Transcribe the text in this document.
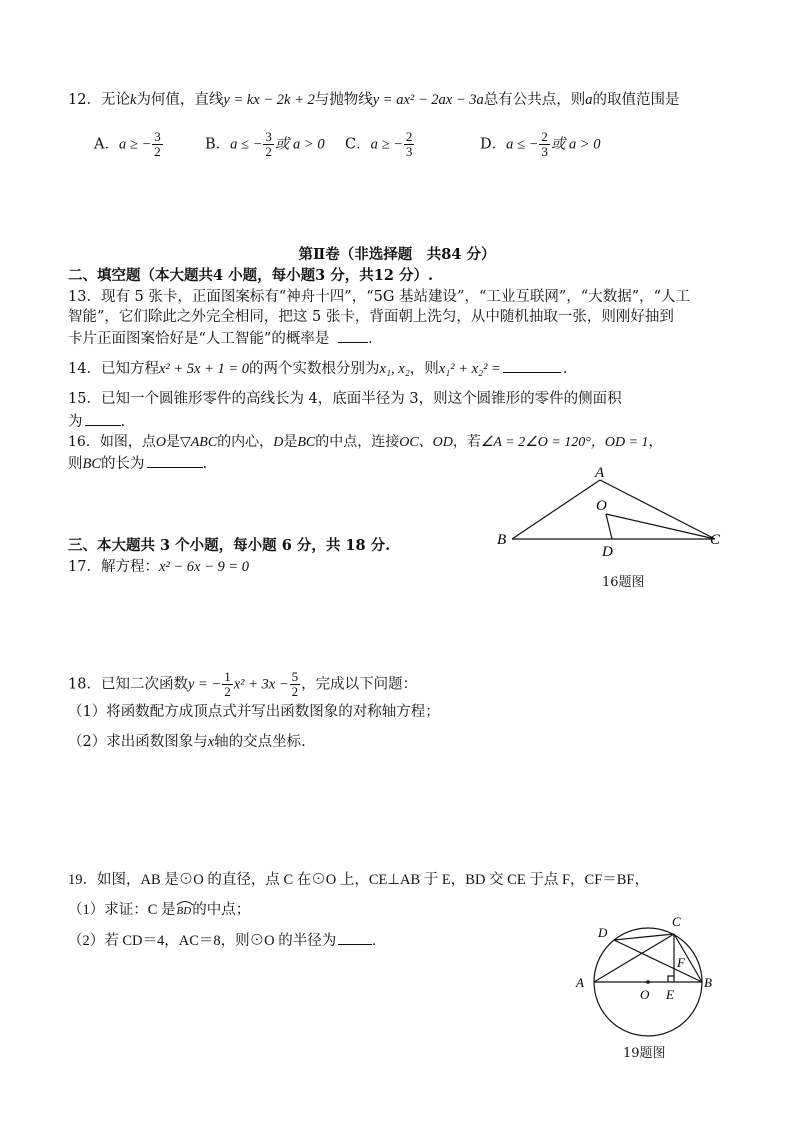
12．无论k为何值，直线y = kx − 2k + 2与抛物线y = ax² − 2ax − 3a总有公共点，则a的取值范围是
A．a ≥ − $\frac{3}{2}$	B．a ≤ − $\frac{3}{2}$ 或 a > 0 C．a ≥ − $\frac{2}{3}$	D．a ≤ − $\frac{2}{3}$ 或 a > 0
第Ⅱ卷（非选择题　共84 分）
二、填空题（本大题共4 小题，每小题3 分，共12 分）.
13．现有 5 张卡，正面图案标有“神舟十四”，“5G 基站建设”，“工业互联网”，“大数据”，“人工
智能”，它们除此之外完全相同，把这 5 张卡，背面朝上洗匀，从中随机抽取一张，则刚好抽到
卡片正面图案恰好是“人工智能”的概率是	.
14．已知方程x² + 5x + 1 = 0的两个实数根分别为x₁, x₂，则x₁² + x₂² =	.
15．已知一个圆锥形零件的高线长为 4，底面半径为 3，则这个圆锥形的零件的侧面积
为	.
16．如图，点O是▽ABC的内心，D是BC的中点，连接OC、OD，若∠A = 2∠O = 120°，OD = 1，
则BC的长为	.
A
B	C
O
D
16题图
三、本大题共 3 个小题，每小题 6 分，共 18 分.
17．解方程：x² − 6x − 9 = 0
18．已知二次函数y = − $\frac{1}{2} x^2 + 3x - \frac{5}{2}$ ，完成以下问题：
（1）将函数配方成顶点式并写出函数图象的对称轴方程；
（2）求出函数图象与x轴的交点坐标.
19．如图，AB 是⊙O 的直径，点 C 在⊙O 上，CE⊥AB 于 E，BD 交 CE 于点 F，CF＝BF，
（1）求证：C 是BD
的中点；
（2）若 CD＝4，AC＝8，则⊙O 的半径为 .
A	B
C
D
O E
F
19题图
